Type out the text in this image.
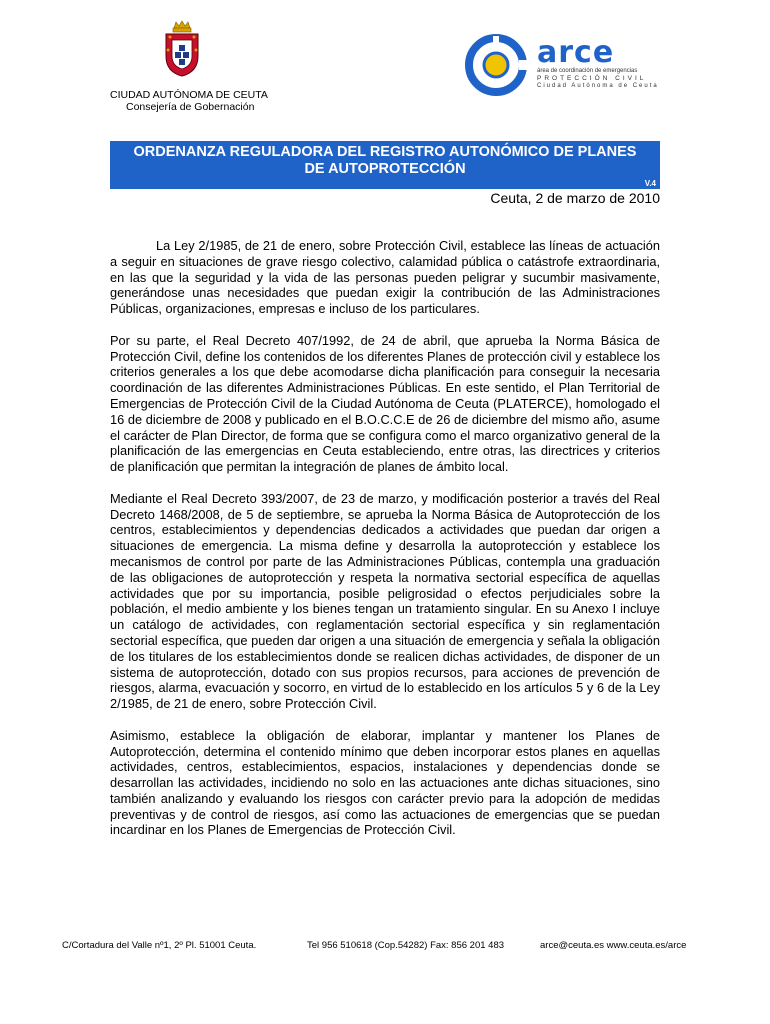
CIUDAD AUTÓNOMA DE CEUTA
Consejería de Gobernación
arce
área de coordinación de emergencias
PROTECCIÓN CIVIL
Ciudad Autónoma de Ceuta
ORDENANZA REGULADORA DEL REGISTRO AUTONÓMICO DE PLANES
DE AUTOPROTECCIÓN
V.4
Ceuta, 2 de marzo de 2010

La Ley 2/1985, de 21 de enero, sobre Protección Civil, establece las líneas de actuación a seguir en situaciones de grave riesgo colectivo, calamidad pública o catástrofe extraordinaria, en las que la seguridad y la vida de las personas pueden peligrar y sucumbir masivamente, generándose unas necesidades que puedan exigir la contribución de las Administraciones Públicas, organizaciones, empresas e incluso de los particulares.

Por su parte, el Real Decreto 407/1992, de 24 de abril, que aprueba la Norma Básica de Protección Civil, define los contenidos de los diferentes Planes de protección civil y establece los criterios generales a los que debe acomodarse dicha planificación para conseguir la necesaria coordinación de las diferentes Administraciones Públicas. En este sentido, el Plan Territorial de Emergencias de Protección Civil de la Ciudad Autónoma de Ceuta (PLATERCE), homologado el 16 de diciembre de 2008 y publicado en el B.O.C.C.E de 26 de diciembre del mismo año, asume el carácter de Plan Director, de forma que se configura como el marco organizativo general de la planificación de las emergencias en Ceuta estableciendo, entre otras, las directrices y criterios de planificación que permitan la integración de planes de ámbito local.

Mediante el Real Decreto 393/2007, de 23 de marzo, y modificación posterior a través del Real Decreto 1468/2008, de 5 de septiembre, se aprueba la Norma Básica de Autoprotección de los centros, establecimientos y dependencias dedicados a actividades que puedan dar origen a situaciones de emergencia. La misma define y desarrolla la autoprotección y establece los mecanismos de control por parte de las Administraciones Públicas, contempla una graduación de las obligaciones de autoprotección y respeta la normativa sectorial específica de aquellas actividades que por su importancia, posible peligrosidad o efectos perjudiciales sobre la población, el medio ambiente y los bienes tengan un tratamiento singular. En su Anexo I incluye un catálogo de actividades, con reglamentación sectorial específica y sin reglamentación sectorial específica, que pueden dar origen a una situación de emergencia y señala la obligación de los titulares de los establecimientos donde se realicen dichas actividades, de disponer de un sistema de autoprotección, dotado con sus propios recursos, para acciones de prevención de riesgos, alarma, evacuación y socorro, en virtud de lo establecido en los artículos 5 y 6 de la Ley 2/1985, de 21 de enero, sobre Protección Civil.

Asimismo, establece la obligación de elaborar, implantar y mantener los Planes de Autoprotección, determina el contenido mínimo que deben incorporar estos planes en aquellas actividades, centros, establecimientos, espacios, instalaciones y dependencias donde se desarrollan las actividades, incidiendo no solo en las actuaciones ante dichas situaciones, sino también analizando y evaluando los riesgos con carácter previo para la adopción de medidas preventivas y de control de riesgos, así como las actuaciones de emergencias que se puedan incardinar en los Planes de Emergencias de Protección Civil.

C/Cortadura del Valle nº1, 2º Pl. 51001 Ceuta.	Tel 956 510618 (Cop.54282) Fax: 856 201 483	arce@ceuta.es www.ceuta.es/arce
